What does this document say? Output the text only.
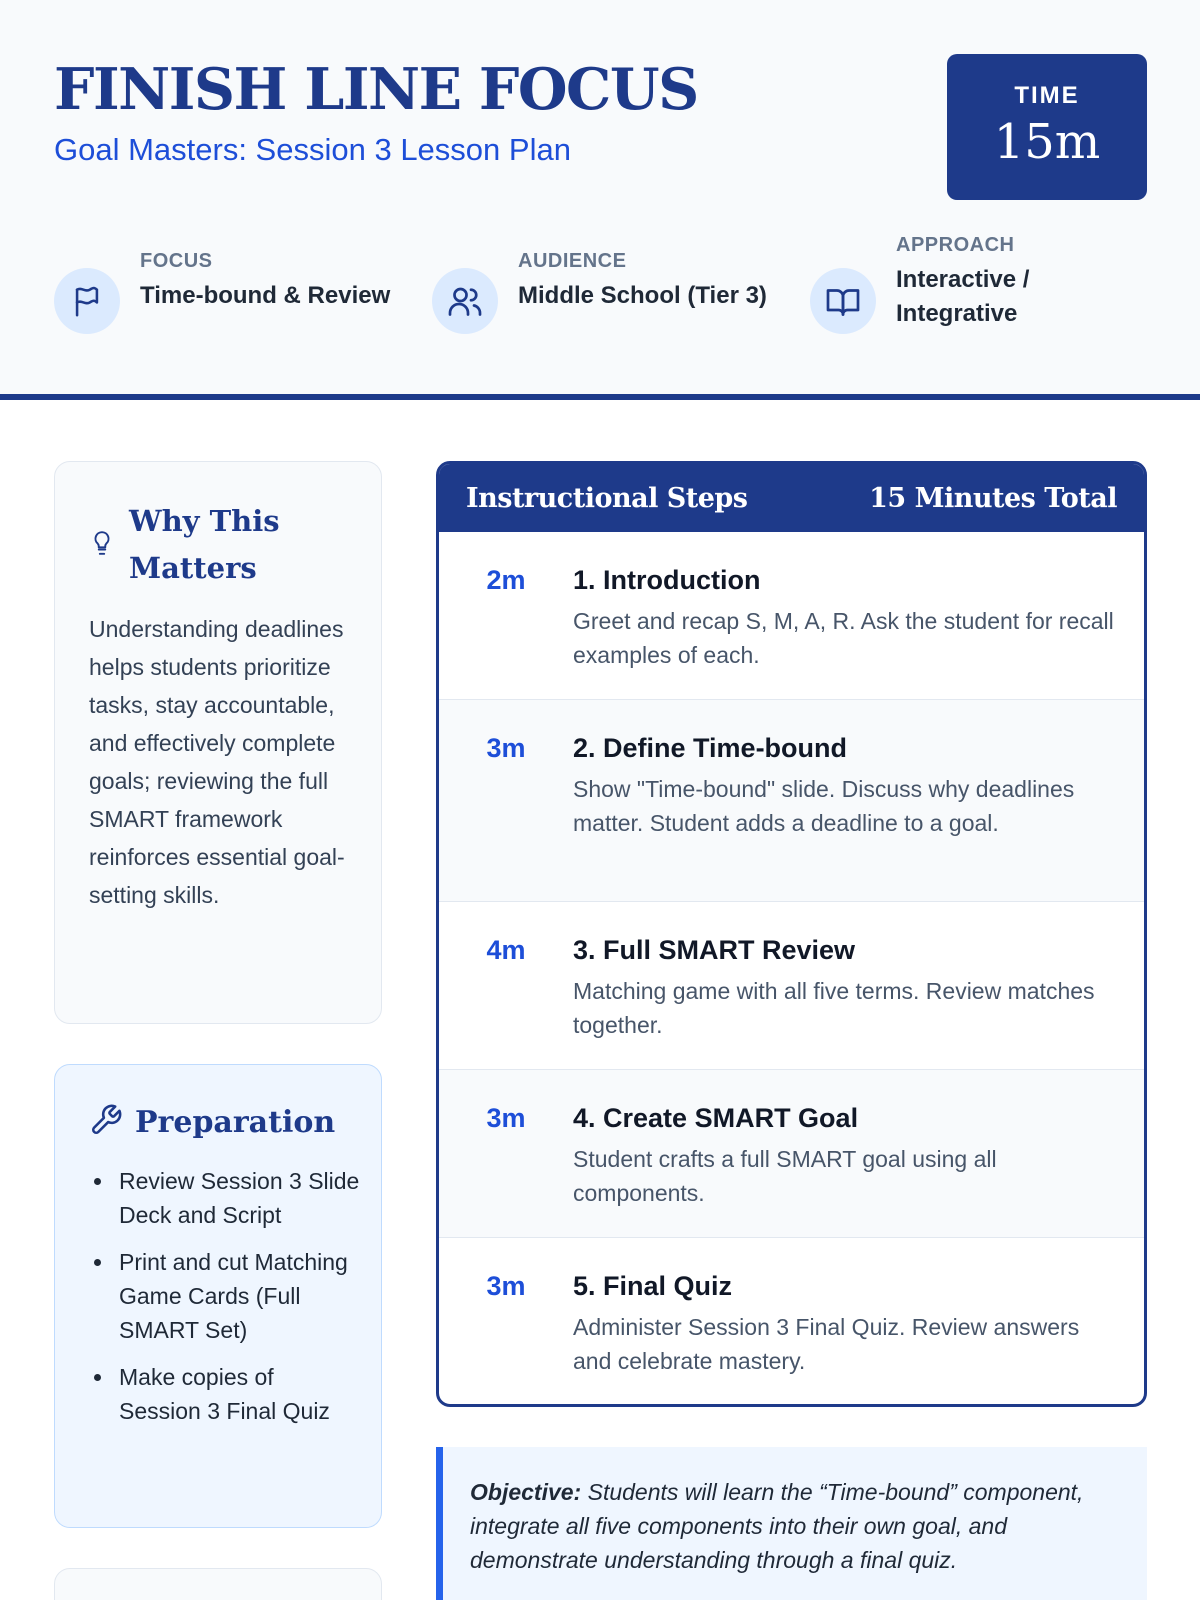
FINISH LINE FOCUS
Goal Masters: Session 3 Lesson Plan
TIME
15m
FOCUS
Time-bound & Review
AUDIENCE
Middle School (Tier 3)
APPROACH
Interactive / Integrative
Why This Matters

Understanding deadlines helps students prioritize tasks, stay accountable, and effectively complete goals; reviewing the full SMART framework reinforces essential goal-setting skills.

Preparation
• Review Session 3 Slide Deck and Script
• Print and cut Matching Game Cards (Full SMART Set)
• Make copies of Session 3 Final Quiz
Instructional Steps	15 Minutes Total
2m	1. Introduction
Greet and recap S, M, A, R. Ask the student for recall examples of each.
3m	2. Define Time-bound
Show "Time-bound" slide. Discuss why deadlines matter. Student adds a deadline to a goal.
4m	3. Full SMART Review
Matching game with all five terms. Review matches together.
3m	4. Create SMART Goal
Student crafts a full SMART goal using all components.
3m	5. Final Quiz
Administer Session 3 Final Quiz. Review answers and celebrate mastery.
Objective: Students will learn the “Time-bound” component, integrate all five components into their own goal, and demonstrate understanding through a final quiz.
